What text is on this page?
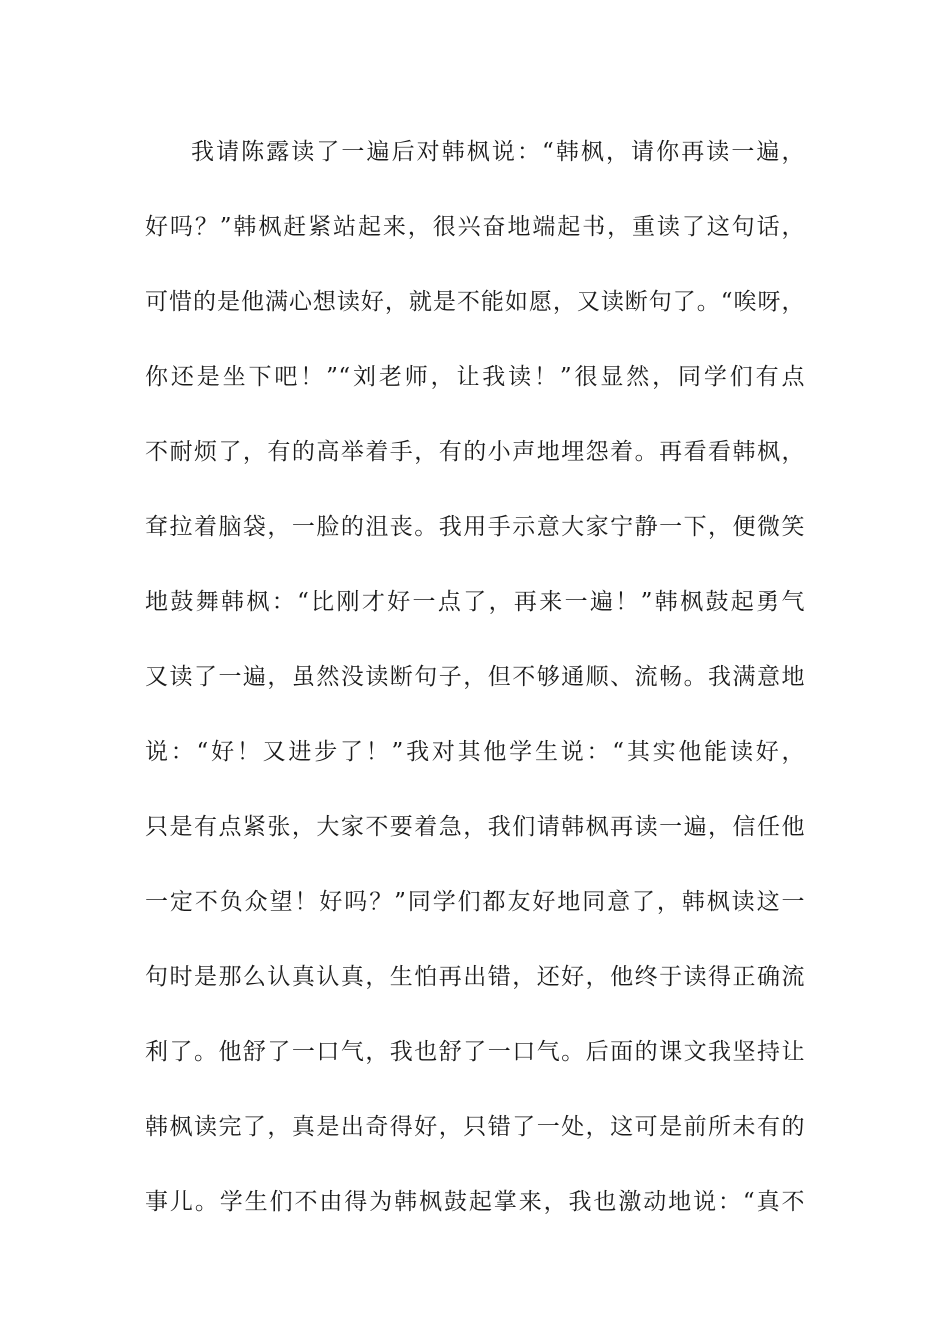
我请陈露读了一遍后对韩枫说：“韩枫，请你再读一遍，
好吗？”韩枫赶紧站起来，很兴奋地端起书，重读了这句话，
可惜的是他满心想读好，就是不能如愿，又读断句了。“唉呀，
你还是坐下吧！”“刘老师，让我读！”很显然，同学们有点
不耐烦了，有的高举着手，有的小声地埋怨着。再看看韩枫，
耷拉着脑袋，一脸的沮丧。我用手示意大家宁静一下，便微笑
地鼓舞韩枫：“比刚才好一点了，再来一遍！”韩枫鼓起勇气
又读了一遍，虽然没读断句子，但不够通顺、流畅。我满意地
说：“好！又进步了！”我对其他学生说：“其实他能读好，
只是有点紧张，大家不要着急，我们请韩枫再读一遍，信任他
一定不负众望！好吗？”同学们都友好地同意了，韩枫读这一
句时是那么认真认真，生怕再出错，还好，他终于读得正确流
利了。他舒了一口气，我也舒了一口气。后面的课文我坚持让
韩枫读完了，真是出奇得好，只错了一处，这可是前所未有的
事儿。学生们不由得为韩枫鼓起掌来，我也激动地说：“真不
